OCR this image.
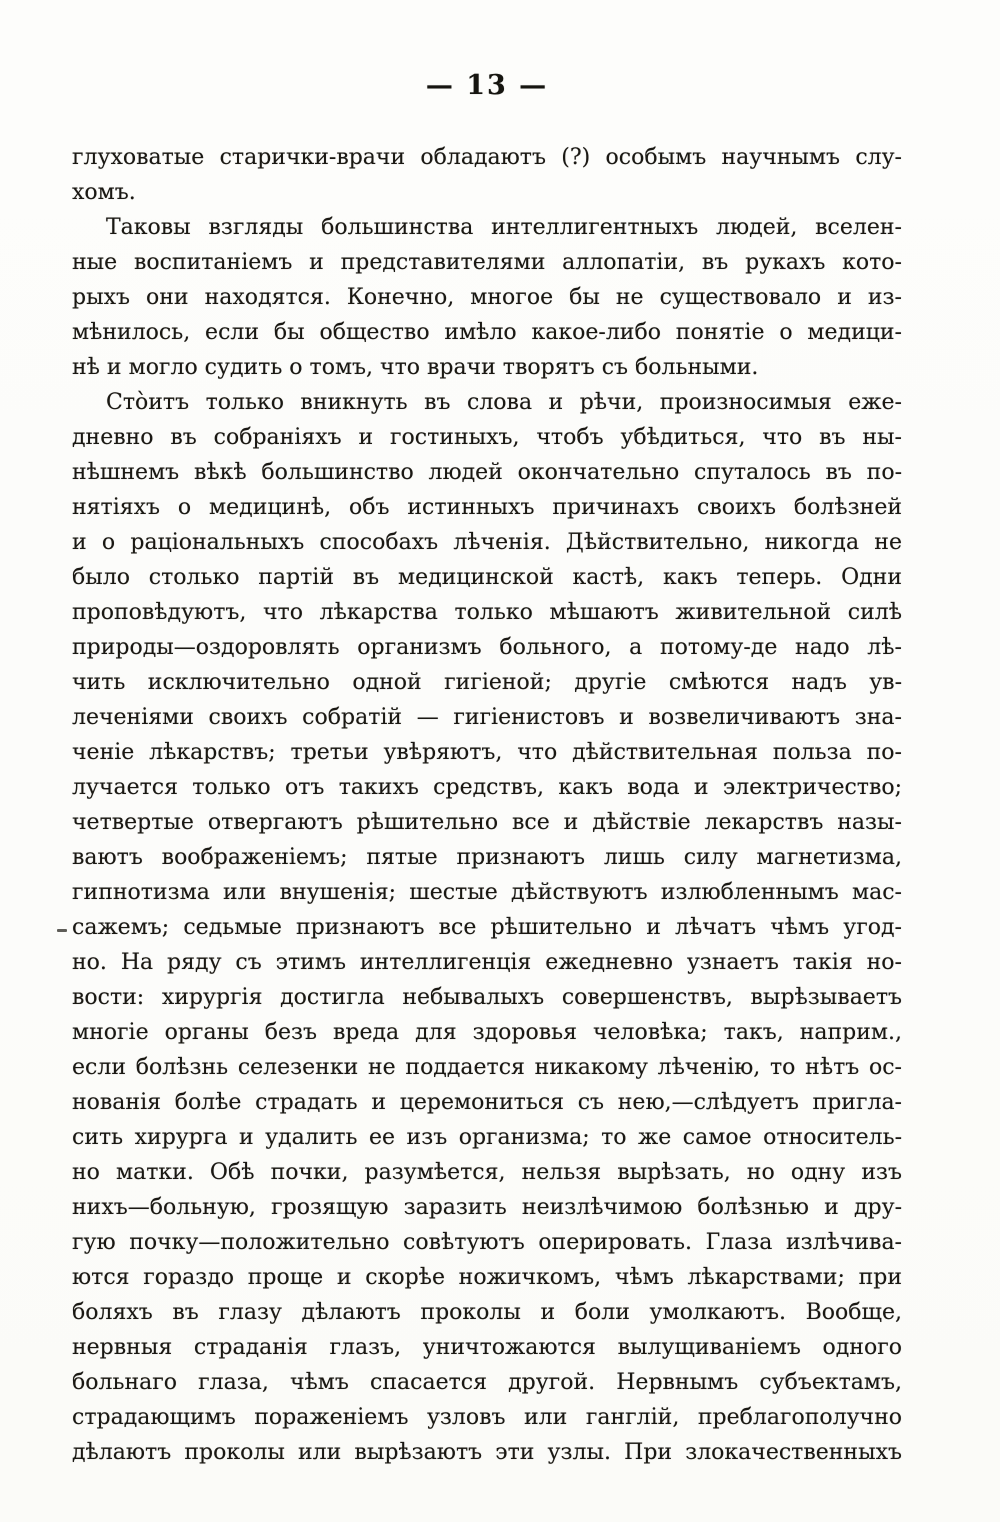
— 13 —
глуховатые старички-врачи обладаютъ (?) особымъ научнымъ слу-
хомъ.
Таковы взгляды большинства интеллигентныхъ людей, вселен-
ные воспитаніемъ и представителями аллопатіи, въ рукахъ кото-
рыхъ они находятся. Конечно, многое бы не существовало и из-
мѣнилось, если бы общество имѣло какое-либо понятіе о медици-
нѣ и могло судить о томъ, что врачи творятъ съ больными.
Сто̀итъ только вникнуть въ слова и рѣчи, произносимыя еже-
дневно въ собраніяхъ и гостиныхъ, чтобъ убѣдиться, что въ ны-
нѣшнемъ вѣкѣ большинство людей окончательно спуталось въ по-
нятіяхъ о медицинѣ, объ истинныхъ причинахъ своихъ болѣзней
и о раціональныхъ способахъ лѣченія. Дѣйствительно, никогда не
было столько партій въ медицинской кастѣ, какъ теперь. Одни
проповѣдуютъ, что лѣкарства только мѣшаютъ живительной силѣ
природы—оздоровлять организмъ больного, а потому-де надо лѣ-
чить исключительно одной гигіеной; другіе смѣются надъ ув-
леченіями своихъ собратій — гигіенистовъ и возвеличиваютъ зна-
ченіе лѣкарствъ; третьи увѣряютъ, что дѣйствительная польза по-
лучается только отъ такихъ средствъ, какъ вода и электричество;
четвертые отвергаютъ рѣшительно все и дѣйствіе лекарствъ назы-
ваютъ воображеніемъ; пятые признаютъ лишь силу магнетизма,
гипнотизма или внушенія; шестые дѣйствуютъ излюбленнымъ мас-
сажемъ; седьмые признаютъ все рѣшительно и лѣчатъ чѣмъ угод-
но. На ряду съ этимъ интеллигенція ежедневно узнаетъ такія но-
вости: хирургія достигла небывалыхъ совершенствъ, вырѣзываетъ
многіе органы безъ вреда для здоровья человѣка; такъ, наприм.,
если болѣзнь селезенки не поддается никакому лѣченію, то нѣтъ ос-
нованія болѣе страдать и церемониться съ нею,—слѣдуетъ пригла-
сить хирурга и удалить ее изъ организма; то же самое относитель-
но матки. Обѣ почки, разумѣется, нельзя вырѣзать, но одну изъ
нихъ—больную, грозящую заразить неизлѣчимою болѣзнью и дру-
гую почку—положительно совѣтуютъ оперировать. Глаза излѣчива-
ются гораздо проще и скорѣе ножичкомъ, чѣмъ лѣкарствами; при
боляхъ въ глазу дѣлаютъ проколы и боли умолкаютъ. Вообще,
нервныя страданія глазъ, уничтожаются вылущиваніемъ одного
больнаго глаза, чѣмъ спасается другой. Нервнымъ субъектамъ,
страдающимъ пораженіемъ узловъ или ганглій, преблагополучно
дѣлаютъ проколы или вырѣзаютъ эти узлы. При злокачественныхъ
